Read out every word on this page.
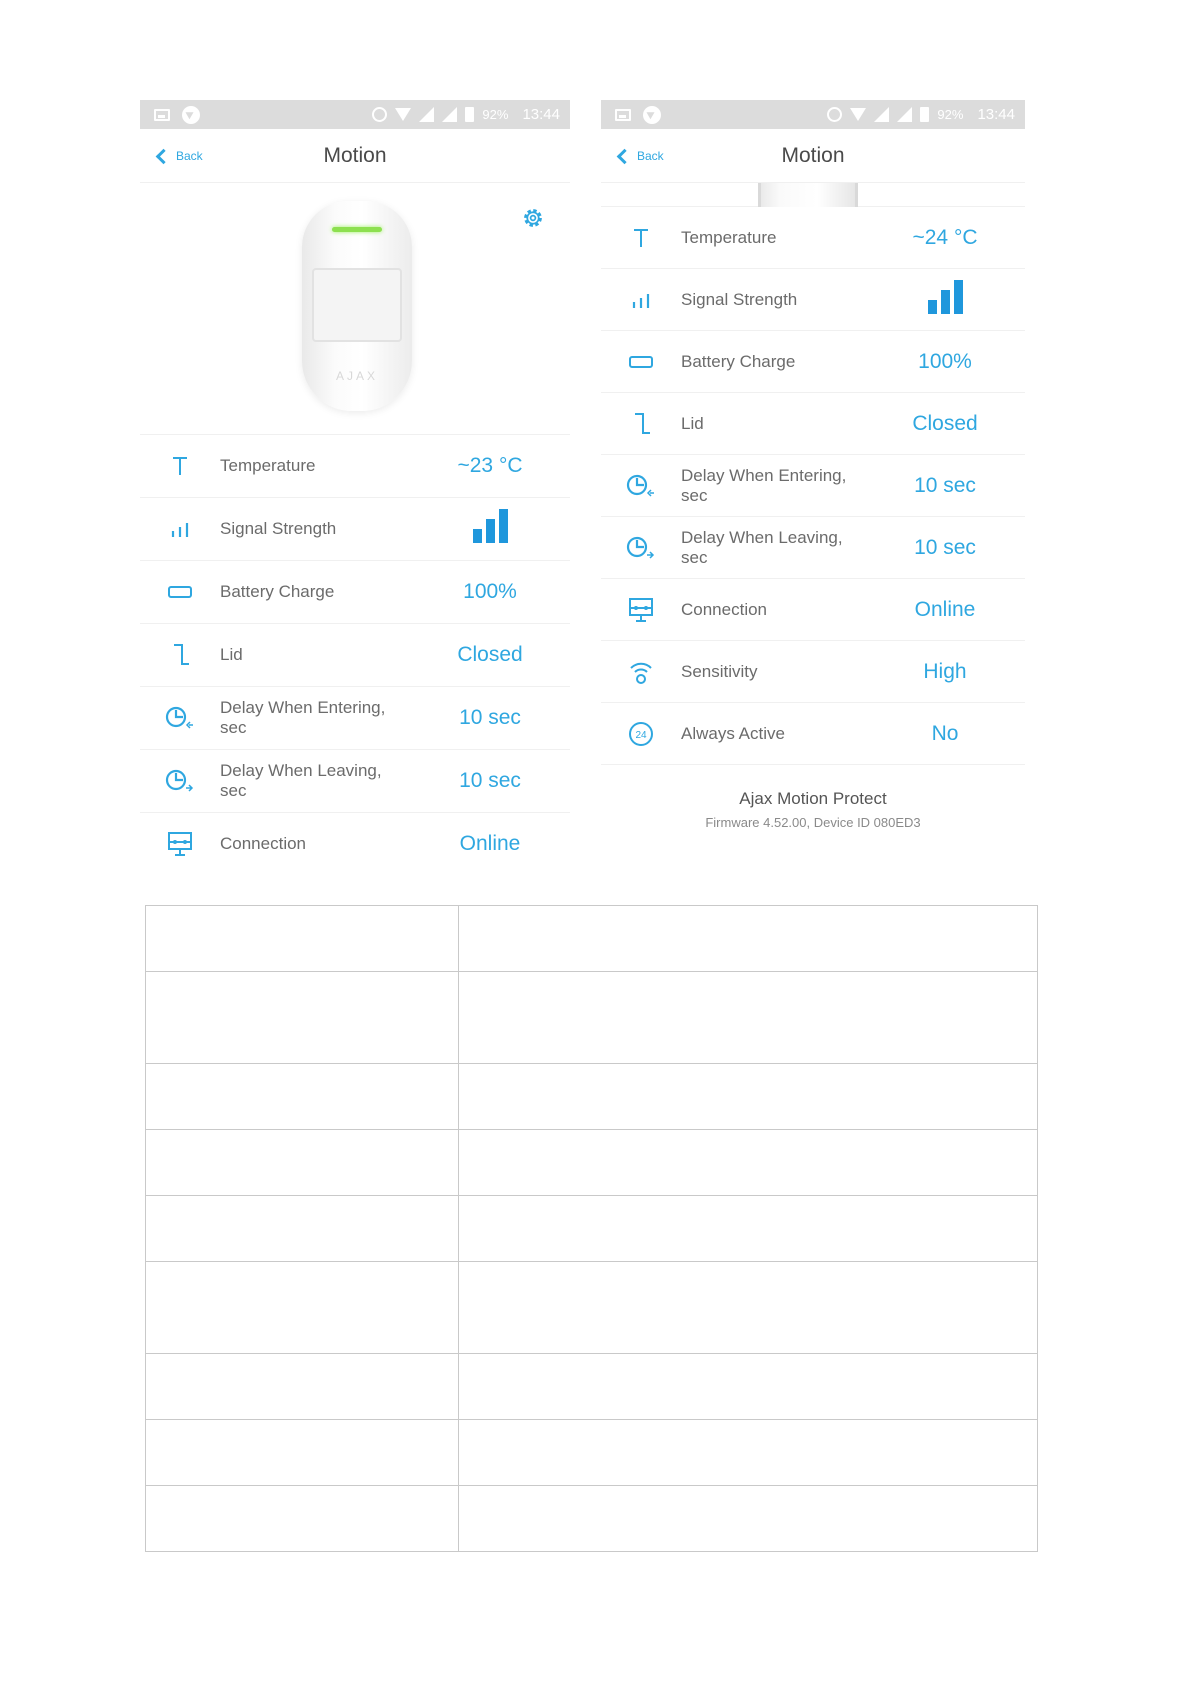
92% 13:44
Back	Motion
AJAX
Temperature	~23 °C
Signal Strength
Battery Charge	100%
Lid	Closed
Delay When Entering, sec	10 sec
Delay When Leaving, sec	10 sec
Connection	Online
92% 13:44
Back	Motion
Temperature	~24 °C
Signal Strength
Battery Charge	100%
Lid	Closed
Delay When Entering, sec	10 sec
Delay When Leaving, sec	10 sec
Connection	Online
Sensitivity	High
24 Always Active	No
Ajax Motion Protect
Firmware 4.52.00, Device ID 080ED3
